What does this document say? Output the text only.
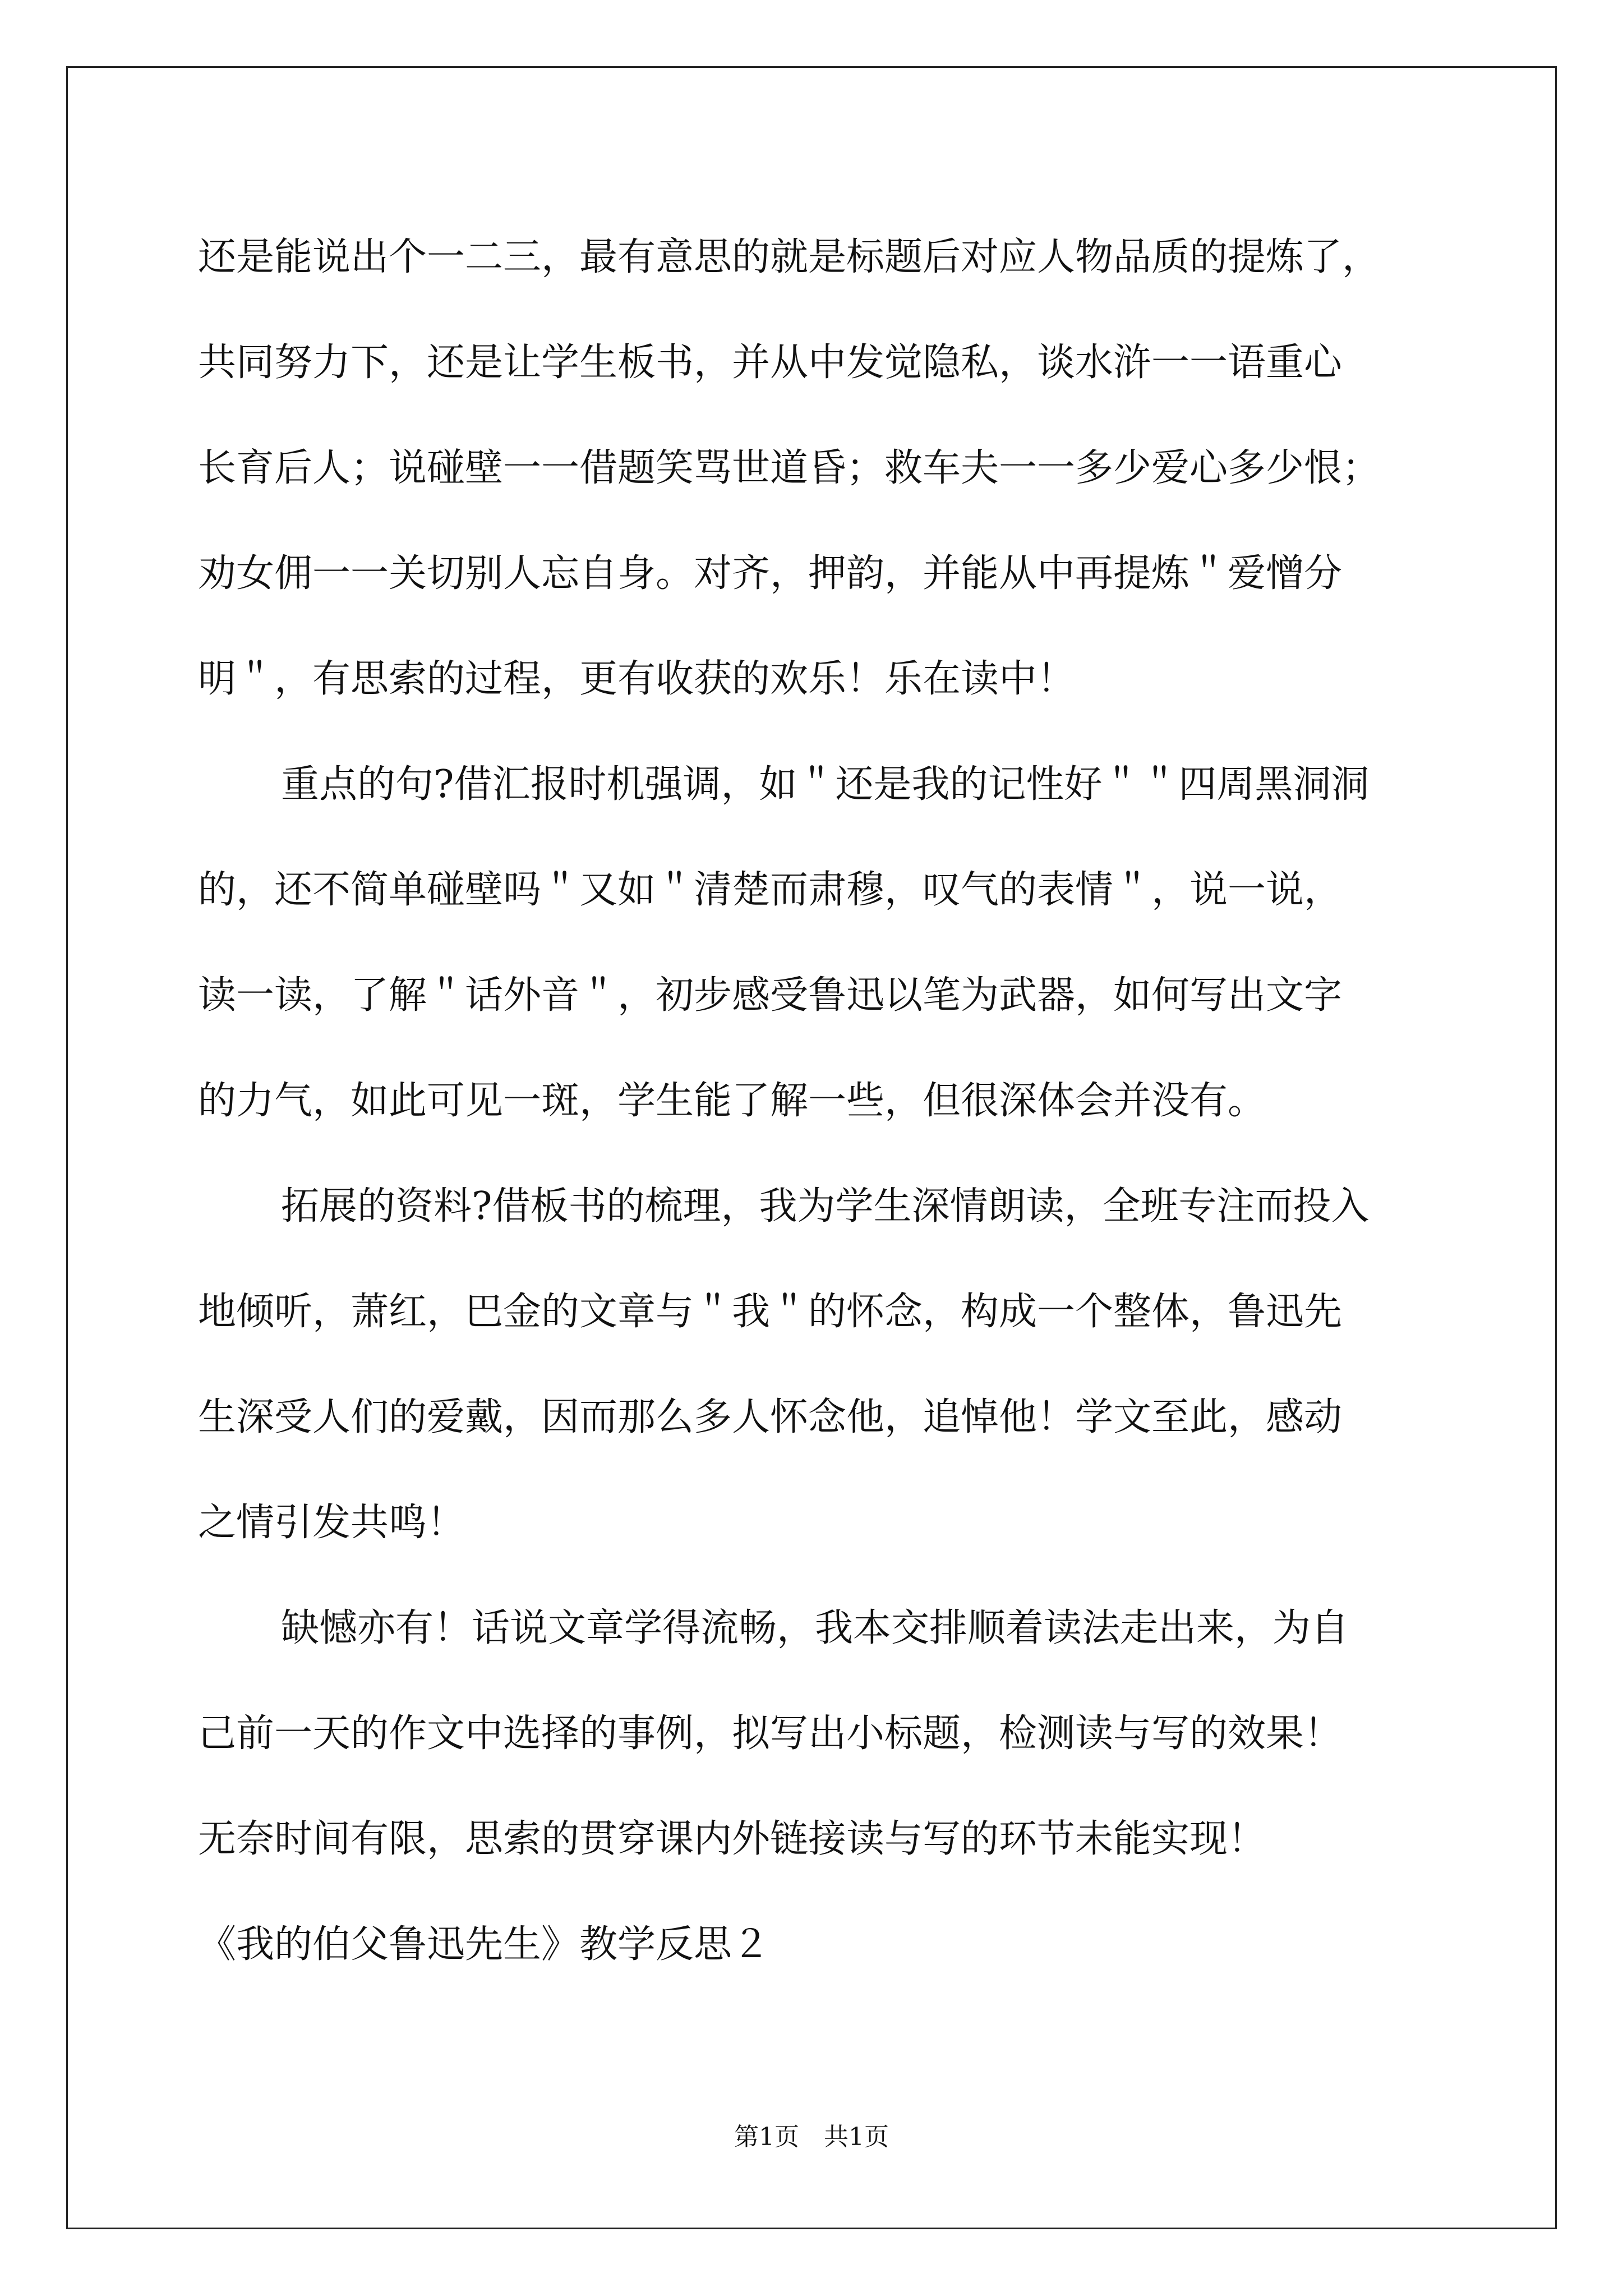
还是能说出个一二三，最有意思的就是标题后对应人物品质的提炼了，
共同努力下，还是让学生板书，并从中发觉隐私，谈水浒一一语重心
长育后人；说碰壁一一借题笑骂世道昏；救车夫一一多少爱心多少恨；
劝女佣一一关切别人忘自身。对齐，押韵，并能从中再提炼＂爱憎分
明＂，有思索的过程，更有收获的欢乐！乐在读中！
重点的句?借汇报时机强调，如＂还是我的记性好＂＂四周黑洞洞
的，还不简单碰壁吗＂又如＂清楚而肃穆，叹气的表情＂，说一说，
读一读，了解＂话外音＂，初步感受鲁迅以笔为武器，如何写出文字
的力气，如此可见一斑，学生能了解一些，但很深体会并没有。
拓展的资料?借板书的梳理，我为学生深情朗读，全班专注而投入
地倾听，萧红，巴金的文章与＂我＂的怀念，构成一个整体，鲁迅先
生深受人们的爱戴，因而那么多人怀念他，追悼他！学文至此，感动
之情引发共鸣！
缺憾亦有！话说文章学得流畅，我本交排顺着读法走出来，为自
己前一天的作文中选择的事例，拟写出小标题，检测读与写的效果！
无奈时间有限，思索的贯穿课内外链接读与写的环节未能实现！
《我的伯父鲁迅先生》教学反思２
第1页　共1页
